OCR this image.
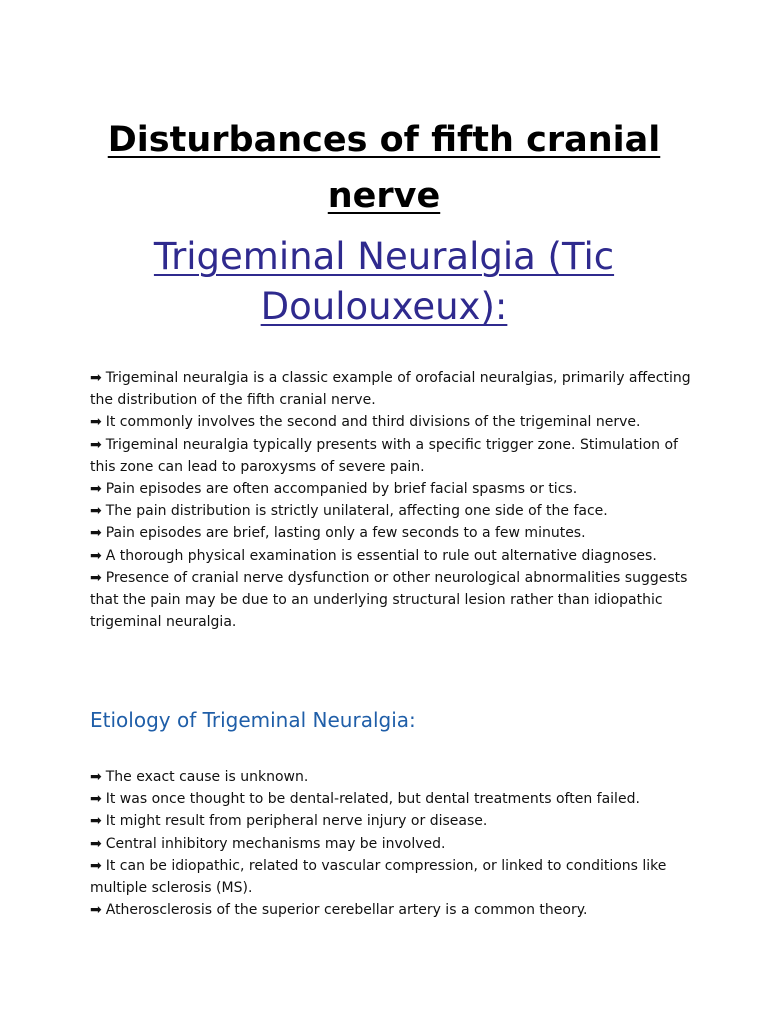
Disturbances of fifth cranial nerve
Trigeminal Neuralgia (Tic Doulouxeux):
➡ Trigeminal neuralgia is a classic example of orofacial neuralgias, primarily affecting the distribution of the fifth cranial nerve.
➡ It commonly involves the second and third divisions of the trigeminal nerve.
➡ Trigeminal neuralgia typically presents with a specific trigger zone. Stimulation of this zone can lead to paroxysms of severe pain.
➡ Pain episodes are often accompanied by brief facial spasms or tics.
➡ The pain distribution is strictly unilateral, affecting one side of the face.
➡ Pain episodes are brief, lasting only a few seconds to a few minutes.
➡ A thorough physical examination is essential to rule out alternative diagnoses.
➡ Presence of cranial nerve dysfunction or other neurological abnormalities suggests that the pain may be due to an underlying structural lesion rather than idiopathic trigeminal neuralgia.
Etiology of Trigeminal Neuralgia:
➡ The exact cause is unknown.
➡ It was once thought to be dental-related, but dental treatments often failed.
➡ It might result from peripheral nerve injury or disease.
➡ Central inhibitory mechanisms may be involved.
➡ It can be idiopathic, related to vascular compression, or linked to conditions like multiple sclerosis (MS).
➡ Atherosclerosis of the superior cerebellar artery is a common theory.
